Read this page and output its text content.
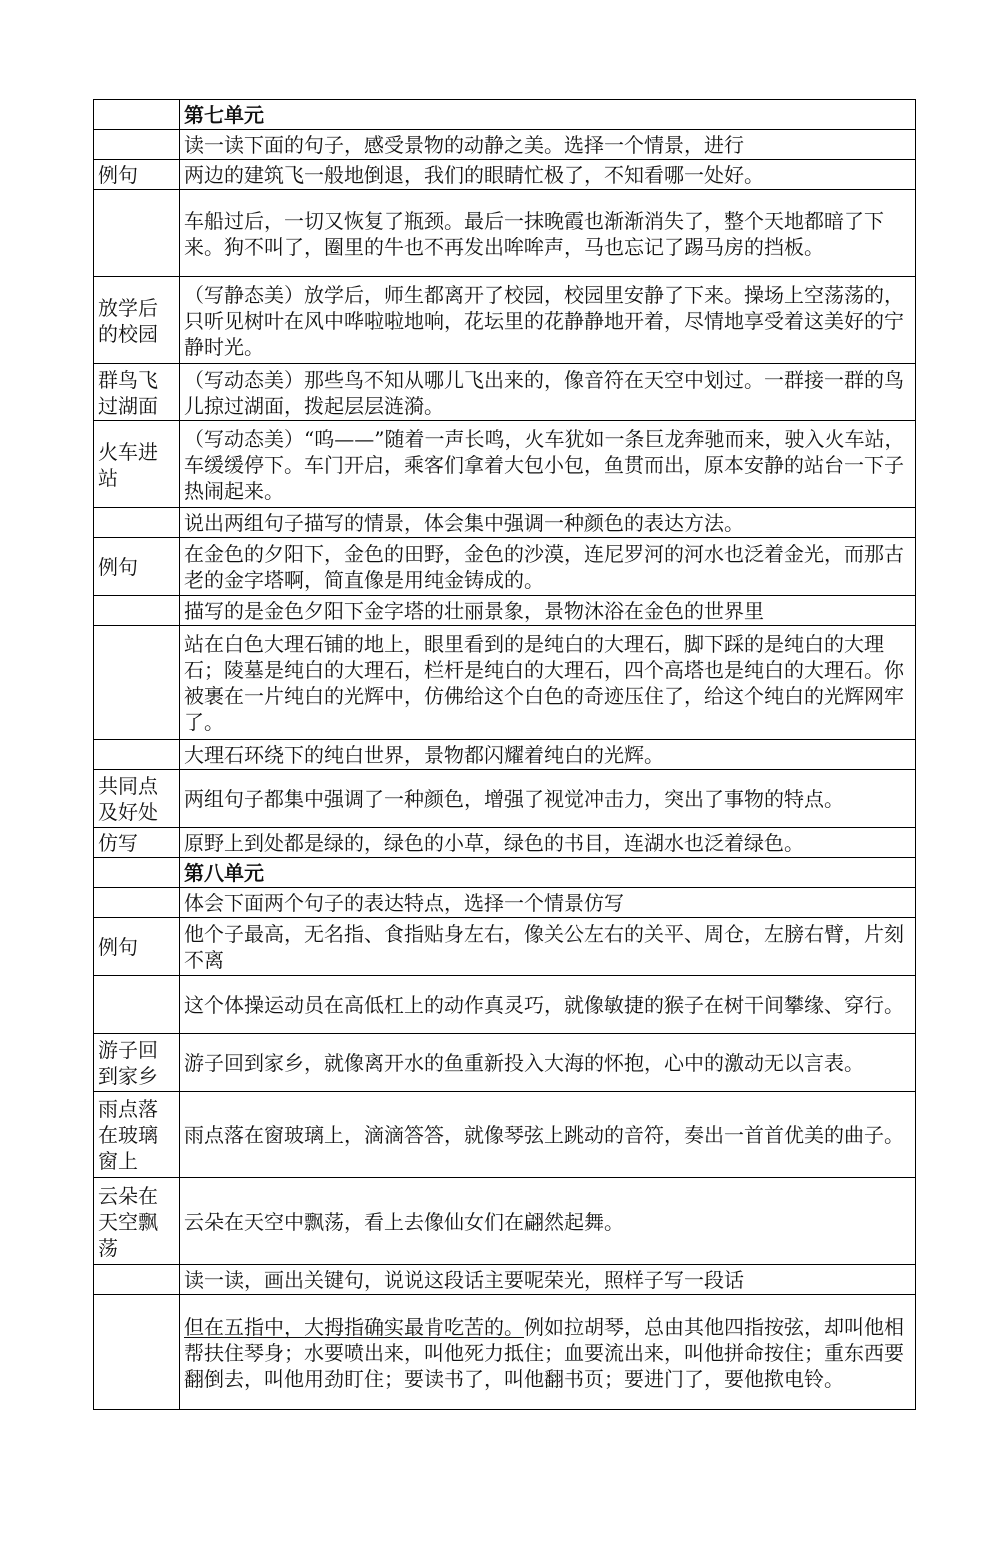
	第七单元
	读一读下面的句子，感受景物的动静之美。选择一个情景，进行
例句	两边的建筑飞一般地倒退，我们的眼睛忙极了，不知看哪一处好。
	车船过后，一切又恢复了瓶颈。最后一抹晚霞也渐渐消失了，整个天地都暗了下来。狗不叫了，圈里的牛也不再发出哞哞声，马也忘记了踢马房的挡板。
放学后的校园	（写静态美）放学后，师生都离开了校园，校园里安静了下来。操场上空荡荡的，只听见树叶在风中哗啦啦地响，花坛里的花静静地开着，尽情地享受着这美好的宁静时光。
群鸟飞过湖面	（写动态美）那些鸟不知从哪儿飞出来的，像音符在天空中划过。一群接一群的鸟儿掠过湖面，拨起层层涟漪。
火车进站	（写动态美）“呜——”随着一声长鸣，火车犹如一条巨龙奔驰而来，驶入火车站，车缓缓停下。车门开启，乘客们拿着大包小包，鱼贯而出，原本安静的站台一下子热闹起来。
	说出两组句子描写的情景，体会集中强调一种颜色的表达方法。
例句	在金色的夕阳下，金色的田野，金色的沙漠，连尼罗河的河水也泛着金光，而那古老的金字塔啊，简直像是用纯金铸成的。
	描写的是金色夕阳下金字塔的壮丽景象，景物沐浴在金色的世界里
	站在白色大理石铺的地上，眼里看到的是纯白的大理石，脚下踩的是纯白的大理石；陵墓是纯白的大理石，栏杆是纯白的大理石，四个高塔也是纯白的大理石。你被裹在一片纯白的光辉中，仿佛给这个白色的奇迹压住了，给这个纯白的光辉网牢了。
	大理石环绕下的纯白世界，景物都闪耀着纯白的光辉。
共同点及好处	两组句子都集中强调了一种颜色，增强了视觉冲击力，突出了事物的特点。
仿写	原野上到处都是绿的，绿色的小草，绿色的书目，连湖水也泛着绿色。
	第八单元
	体会下面两个句子的表达特点，选择一个情景仿写
例句	他个子最高，无名指、食指贴身左右，像关公左右的关平、周仓，左膀右臂，片刻不离
	这个体操运动员在高低杠上的动作真灵巧，就像敏捷的猴子在树干间攀缘、穿行。
游子回到家乡	游子回到家乡，就像离开水的鱼重新投入大海的怀抱，心中的激动无以言表。
雨点落在玻璃窗上	雨点落在窗玻璃上，滴滴答答，就像琴弦上跳动的音符，奏出一首首优美的曲子。
云朵在天空飘荡	云朵在天空中飘荡，看上去像仙女们在翩然起舞。
	读一读，画出关键句，说说这段话主要呢荣光，照样子写一段话
	但在五指中，大拇指确实最肯吃苦的。例如拉胡琴，总由其他四指按弦，却叫他相帮扶住琴身；水要喷出来，叫他死力抵住；血要流出来，叫他拼命按住；重东西要翻倒去，叫他用劲盯住；要读书了，叫他翻书页；要进门了，要他揿电铃。
